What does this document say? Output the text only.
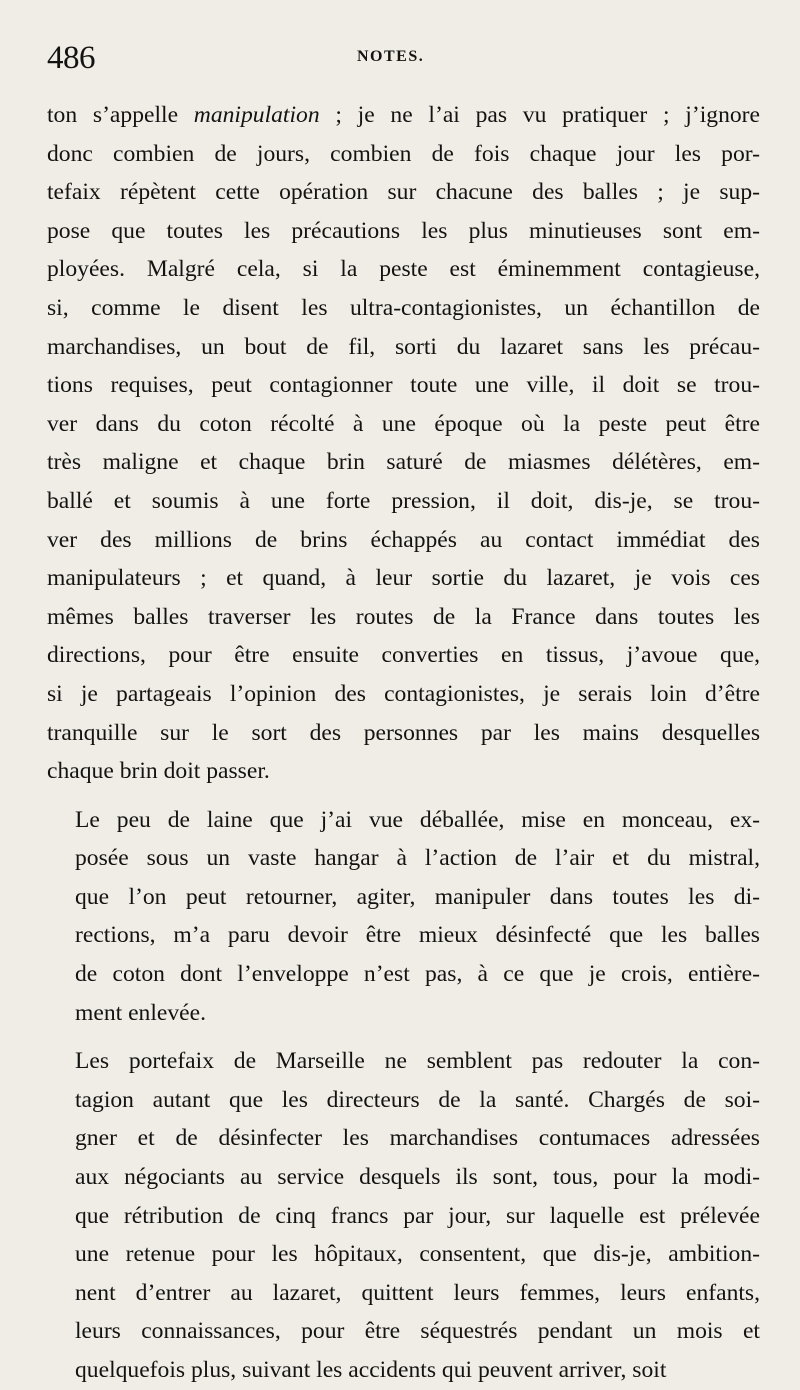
486	NOTES.

ton s’appelle manipulation ; je ne l’ai pas vu pratiquer ; j’ignore
donc combien de jours, combien de fois chaque jour les por-
tefaix répètent cette opération sur chacune des balles ; je sup-
pose que toutes les précautions les plus minutieuses sont em-
ployées. Malgré cela, si la peste est éminemment contagieuse,
si, comme le disent les ultra-contagionistes, un échantillon de
marchandises, un bout de fil, sorti du lazaret sans les précau-
tions requises, peut contagionner toute une ville, il doit se trou-
ver dans du coton récolté à une époque où la peste peut être
très maligne et chaque brin saturé de miasmes délétères, em-
ballé et soumis à une forte pression, il doit, dis-je, se trou-
ver des millions de brins échappés au contact immédiat des
manipulateurs ; et quand, à leur sortie du lazaret, je vois ces
mêmes balles traverser les routes de la France dans toutes les
directions, pour être ensuite converties en tissus, j’avoue que,
si je partageais l’opinion des contagionistes, je serais loin d’être
tranquille sur le sort des personnes par les mains desquelles
chaque brin doit passer.

Le peu de laine que j’ai vue déballée, mise en monceau, ex-
posée sous un vaste hangar à l’action de l’air et du mistral,
que l’on peut retourner, agiter, manipuler dans toutes les di-
rections, m’a paru devoir être mieux désinfecté que les balles
de coton dont l’enveloppe n’est pas, à ce que je crois, entière-
ment enlevée.

Les portefaix de Marseille ne semblent pas redouter la con-
tagion autant que les directeurs de la santé. Chargés de soi-
gner et de désinfecter les marchandises contumaces adressées
aux négociants au service desquels ils sont, tous, pour la modi-
que rétribution de cinq francs par jour, sur laquelle est prélevée
une retenue pour les hôpitaux, consentent, que dis-je, ambition-
nent d’entrer au lazaret, quittent leurs femmes, leurs enfants,
leurs connaissances, pour être séquestrés pendant un mois et
quelquefois plus, suivant les accidents qui peuvent arriver, soit
